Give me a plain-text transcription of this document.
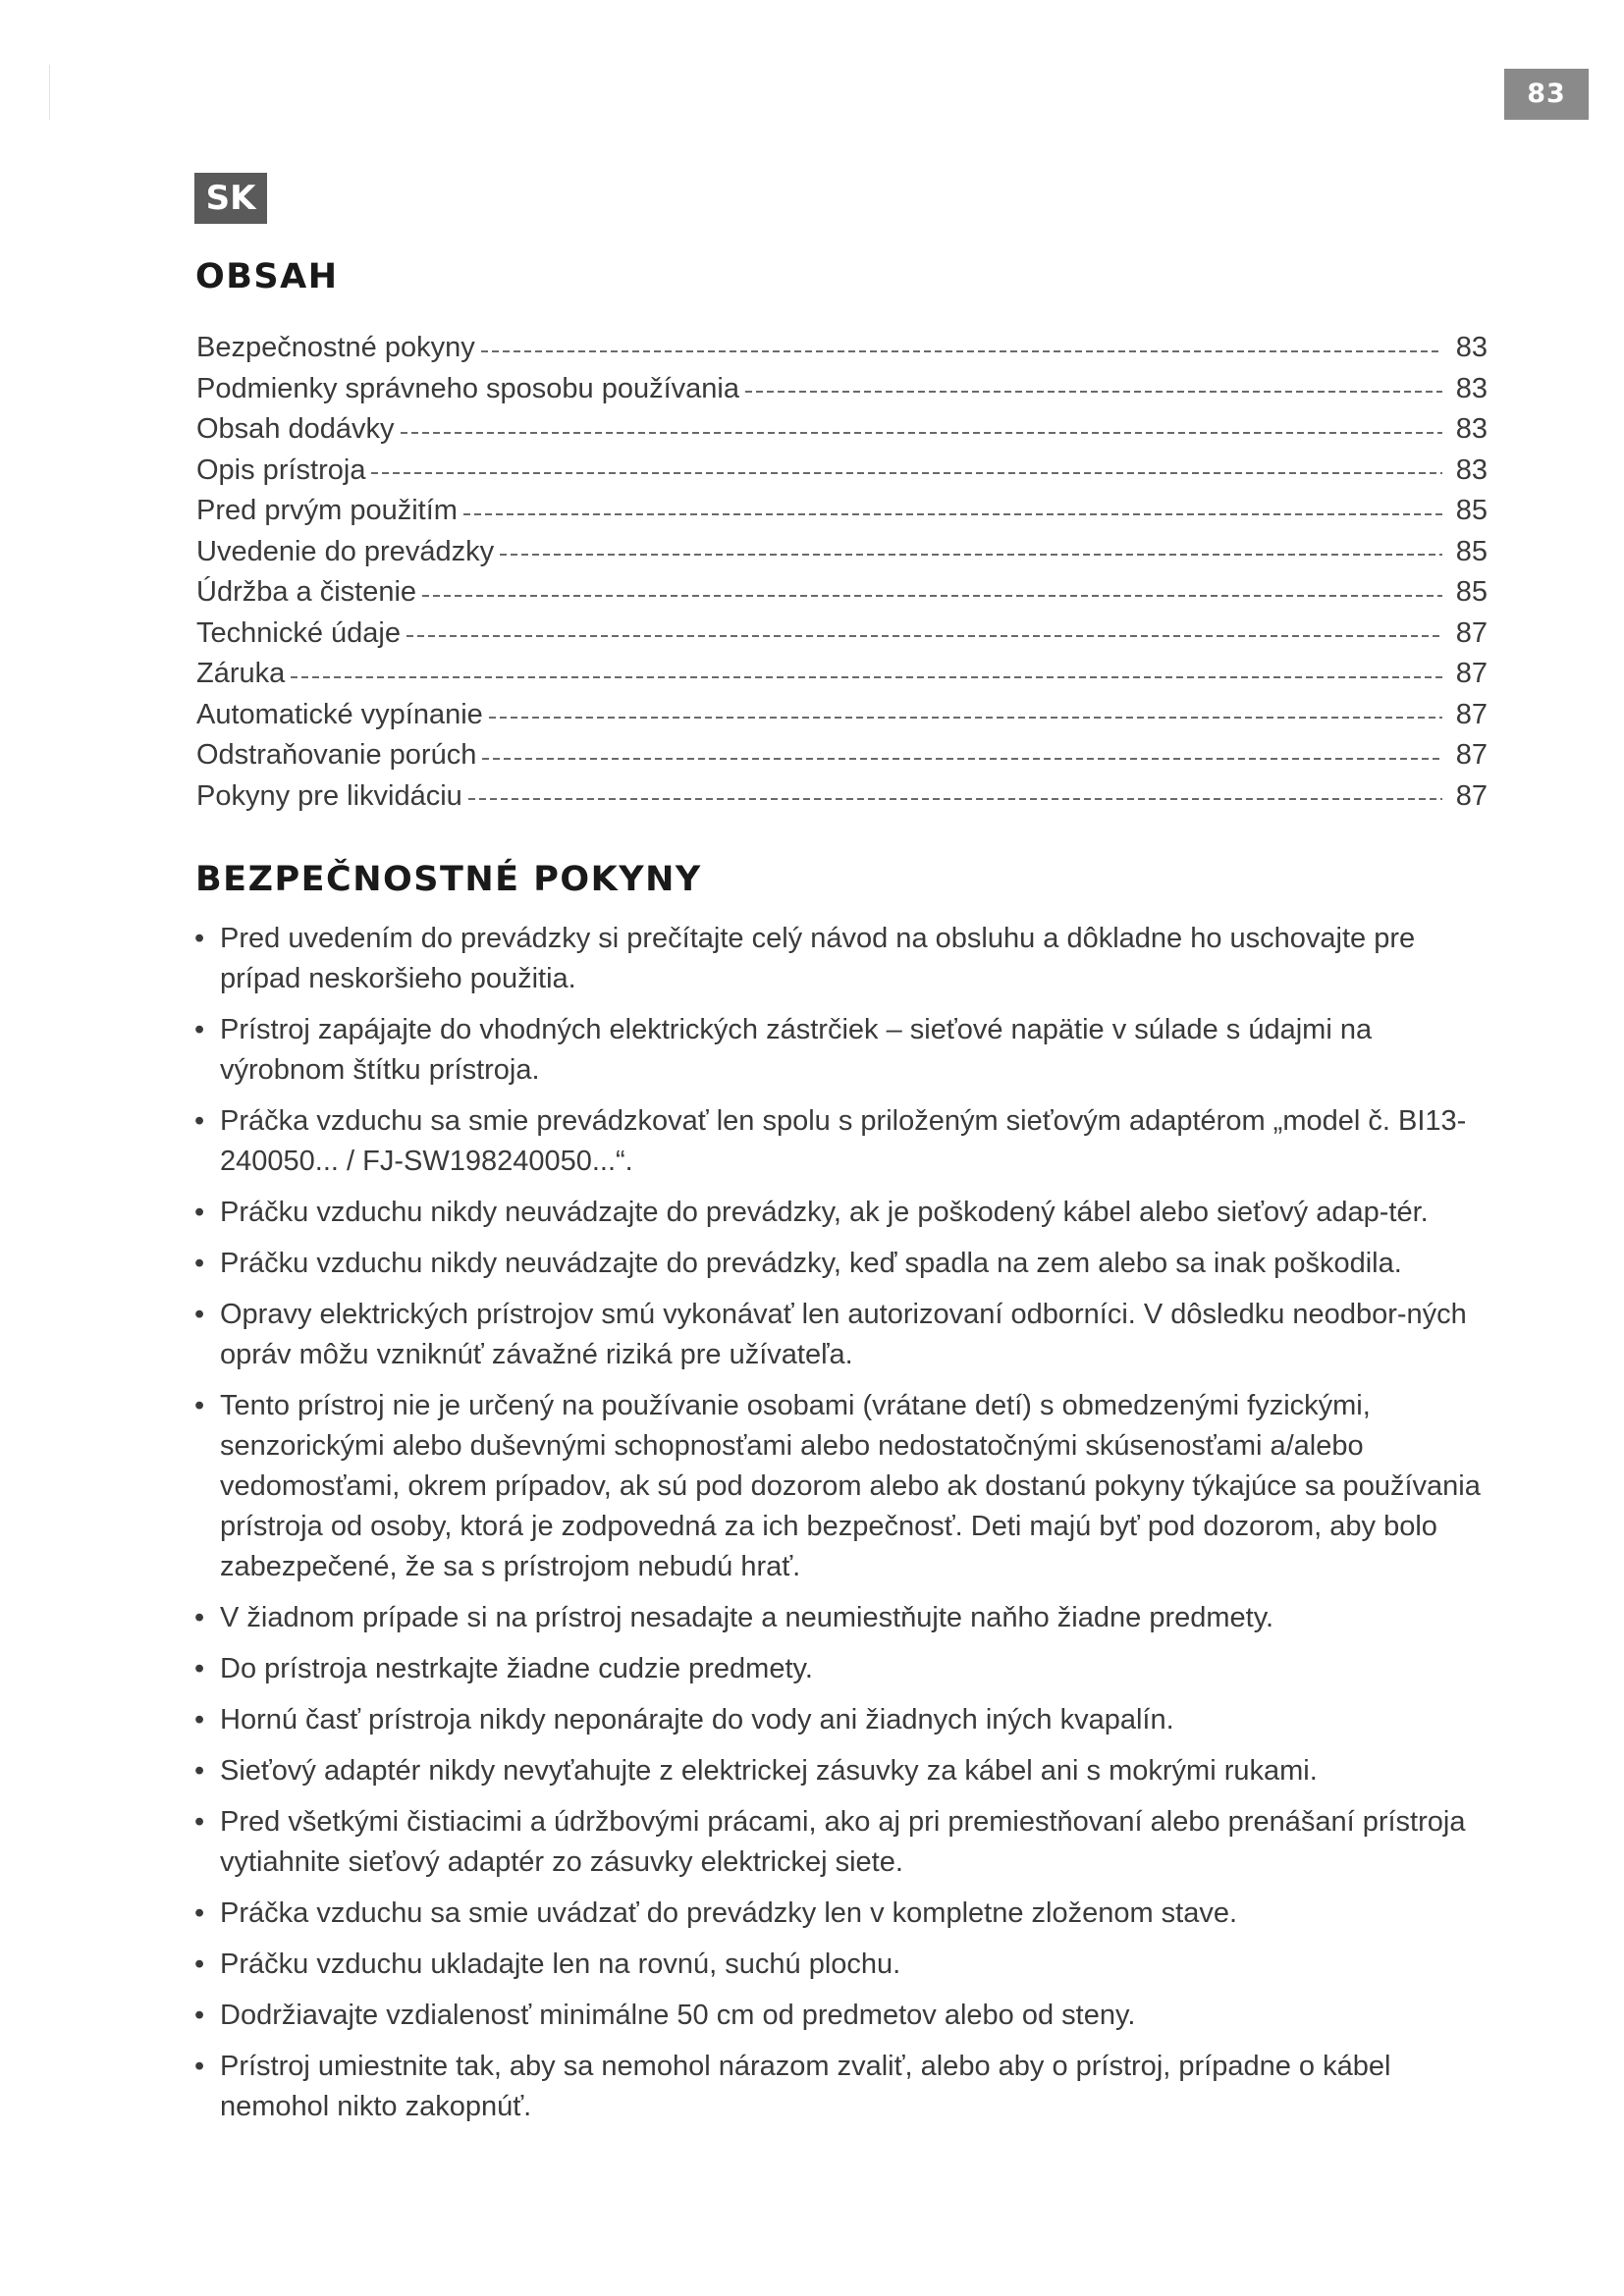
83
SK
OBSAH
Bezpečnostné pokyny	83
Podmienky správneho sposobu používania	83
Obsah dodávky	83
Opis prístroja	83
Pred prvým použitím	85
Uvedenie do prevádzky	85
Údržba a čistenie	85
Technické údaje	87
Záruka	87
Automatické vypínanie	87
Odstraňovanie porúch	87
Pokyny pre likvidáciu	87
BEZPEČNOSTNÉ POKYNY
• Pred uvedením do prevádzky si prečítajte celý návod na obsluhu a dôkladne ho uschovajte pre prípad neskoršieho použitia.
• Prístroj zapájajte do vhodných elektrických zástrčiek – sieťové napätie v súlade s údajmi na výrobnom štítku prístroja.
• Práčka vzduchu sa smie prevádzkovať len spolu s priloženým sieťovým adaptérom „model č. BI13-240050... / FJ-SW198240050...“.
• Práčku vzduchu nikdy neuvádzajte do prevádzky, ak je poškodený kábel alebo sieťový adap-tér.
• Práčku vzduchu nikdy neuvádzajte do prevádzky, keď spadla na zem alebo sa inak poškodila.
• Opravy elektrických prístrojov smú vykonávať len autorizovaní odborníci. V dôsledku neodbor-ných opráv môžu vzniknúť závažné riziká pre užívateľa.
• Tento prístroj nie je určený na používanie osobami (vrátane detí) s obmedzenými fyzickými, senzorickými alebo duševnými schopnosťami alebo nedostatočnými skúsenosťami a/alebo vedomosťami, okrem prípadov, ak sú pod dozorom alebo ak dostanú pokyny týkajúce sa používania prístroja od osoby, ktorá je zodpovedná za ich bezpečnosť. Deti majú byť pod dozorom, aby bolo zabezpečené, že sa s prístrojom nebudú hrať.
• V žiadnom prípade si na prístroj nesadajte a neumiestňujte naňho žiadne predmety.
• Do prístroja nestrkajte žiadne cudzie predmety.
• Hornú časť prístroja nikdy neponárajte do vody ani žiadnych iných kvapalín.
• Sieťový adaptér nikdy nevyťahujte z elektrickej zásuvky za kábel ani s mokrými rukami.
• Pred všetkými čistiacimi a údržbovými prácami, ako aj pri premiestňovaní alebo prenášaní prístroja vytiahnite sieťový adaptér zo zásuvky elektrickej siete.
• Práčka vzduchu sa smie uvádzať do prevádzky len v kompletne zloženom stave.
• Práčku vzduchu ukladajte len na rovnú, suchú plochu.
• Dodržiavajte vzdialenosť minimálne 50 cm od predmetov alebo od steny.
• Prístroj umiestnite tak, aby sa nemohol nárazom zvaliť, alebo aby o prístroj, prípadne o kábel nemohol nikto zakopnúť.
